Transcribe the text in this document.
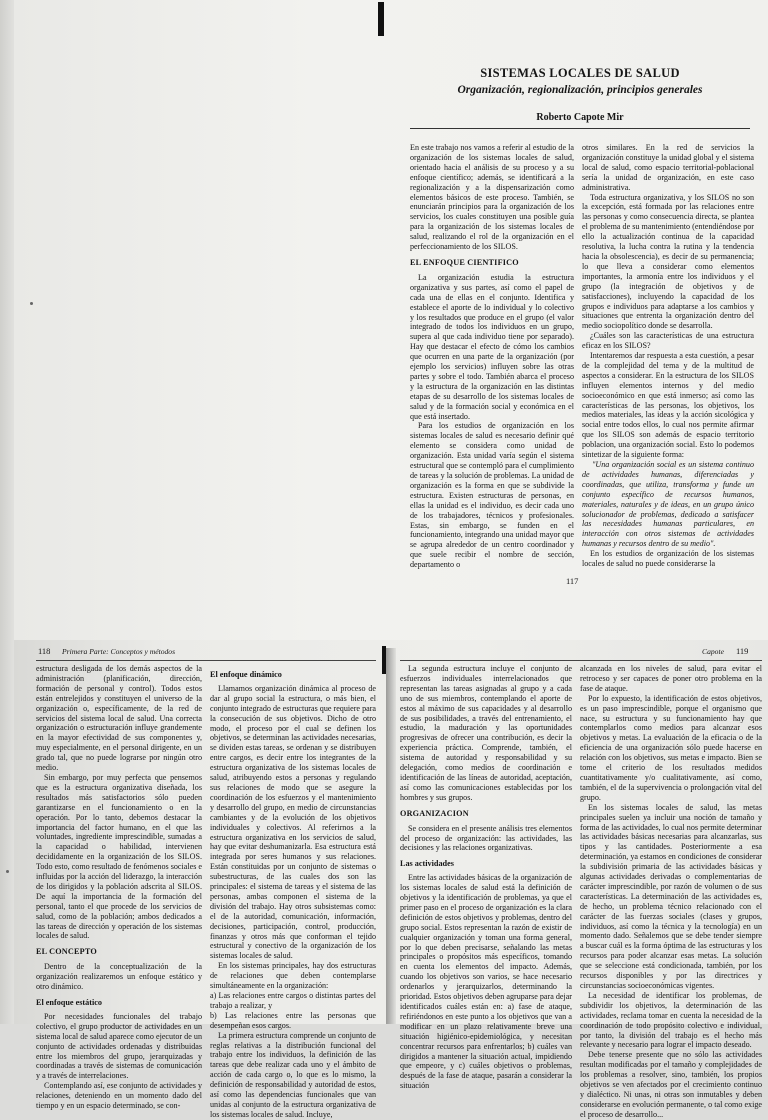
SISTEMAS LOCALES DE SALUD
Organización, regionalización, principios generales
Roberto Capote Mir

En este trabajo nos vamos a referir al estudio de la organización de los sistemas locales de salud, orientado hacia el análisis de su proceso y a su enfoque científico; además, se identificará a la regionalización y a la dispensarización como elementos básicos de este proceso. También, se enunciarán principios para la organización de los servicios, los cuales constituyen una posible guía para la organización de los sistemas locales de salud, realizando el rol de la organización en el perfeccionamiento de los SILOS.

EL ENFOQUE CIENTIFICO

La organización estudia la estructura organizativa y sus partes, así como el papel de cada una de ellas en el conjunto. Identifica y establece el aporte de lo individual y lo colectivo y los resultados que produce en el grupo (el valor integrado de todos los individuos en un grupo, supera al que cada individuo tiene por separado). Hay que destacar el efecto de cómo los cambios que ocurren en una parte de la organización (por ejemplo los servicios) influyen sobre las otras partes y sobre el todo. También abarca el proceso y la estructura de la organización en las distintas etapas de su desarrollo de los sistemas locales de salud y de la formación social y económica en el que está insertado.

Para los estudios de organización en los sistemas locales de salud es necesario definir qué elemento se considera como unidad de organización. Esta unidad varía según el sistema estructural que se contempló para el cumplimiento de tareas y la solución de problemas. La unidad de organización es la forma en que se subdivide la estructura. Existen estructuras de personas, en ellas la unidad es el individuo, es decir cada uno de los trabajadores, técnicos y profesionales. Estas, sin embargo, se funden en el funcionamiento, integrando una unidad mayor que se agrupa alrededor de un centro coordinador y que suele recibir el nombre de sección, departamento o

otros similares. En la red de servicios la organización constituye la unidad global y el sistema local de salud, como espacio territorial-poblacional sería la unidad de organización, en este caso administrativa.

Toda estructura organizativa, y los SILOS no son la excepción, está formada por las relaciones entre las personas y como consecuencia directa, se plantea el problema de su mantenimiento (entendiéndose por ello la actualización continua de la capacidad resolutiva, la lucha contra la rutina y la tendencia hacia la obsolescencia), es decir de su permanencia; lo que lleva a considerar como elementos importantes, la armonía entre los individuos y el grupo (la integración de objetivos y de satisfacciones), incluyendo la capacidad de los grupos e individuos para adaptarse a los cambios y situaciones que entrenta la organización dentro del medio sociopolítico donde se desarrolla.

¿Cuáles son las características de una estructura eficaz en los SILOS?

Intentaremos dar respuesta a esta cuestión, a pesar de la complejidad del tema y de la multitud de aspectos a considerar. En la estructura de los SILOS influyen elementos internos y del medio socioeconómico en que está inmerso; así como las características de las personas, los objetivos, los medios materiales, las ideas y la acción sicológica y social entre todos ellos, lo cual nos permite afirmar que los SILOS son además de espacio territorio poblacion, una organización social. Esto lo podemos sintetizar de la siguiente forma:

"Una organización social es un sistema continuo de actividades humanas, diferenciadas y coordinadas, que utiliza, transforma y funde un conjunto específico de recursos humanos, materiales, naturales y de ideas, en un grupo único solucionador de problemas, dedicado a satisfacer las necesidades humanas particulares, en interacción con otros sistemas de actividades humanas y recursos dentro de su medio".

En los estudios de organización de los sistemas locales de salud no puede considerarse la

117
118 Primera Parte: Conceptos y métodos

estructura desligada de los demás aspectos de la administración (planificación, dirección, formación de personal y control). Todos estos están entrelejidos y constituyen el universo de la organización o, específicamente, de la red de servicios del sistema local de salud. Una correcta organización o estructuración influye grandemente en la mayor efectividad de sus componentes y, muy especialmente, en el personal dirigente, en un grado tal, que no puede lograrse por ningún otro medio.

Sin embargo, por muy perfecta que pensemos que es la estructura organizativa diseñada, los resultados más satisfactorios sólo pueden garantizarse en el funcionamiento o en la operación. Por lo tanto, debemos destacar la importancia del factor humano, en el que las voluntades, ingrediente imprescindible, sumadas a la capacidad o habilidad, intervienen decididamente en la organización de los SILOS. Todo esto, como resultado de fenómenos sociales e influidas por la acción del liderazgo, la interacción de los dirigidos y la población adscrita al SILOS. De aquí la importancia de la formación del personal, tanto el que procede de los servicios de salud, como de la población; ambos dedicados a las tareas de dirección y operación de los sistemas locales de salud.

EL CONCEPTO

Dentro de la conceptualización de la organización realizaremos un enfoque estático y otro dinámico.

El enfoque estático

Por necesidades funcionales del trabajo colectivo, el grupo productor de actividades en un sistema local de salud aparece como ejecutor de un conjunto de actividades ordenadas y distribuidas entre los miembros del grupo, jerarquizadas y coordinadas a través de sistemas de comunicación y a través de interrelaciones.

Contemplando así, ese conjunto de actividades y relaciones, deteniendo en un momento dado del tiempo y en un espacio determinado, se con-

El enfoque dinámico

Llamamos organización dinámica al proceso de dar al grupo social la estructura, o más bien, el conjunto integrado de estructuras que requiere para la consecución de sus objetivos. Dicho de otro modo, el proceso por el cual se definen los objetivos, se determinan las actividades necesarias, se dividen estas tareas, se ordenan y se distribuyen entre cargos, es decir entre los integrantes de la estructura organizativa de los sistemas locales de salud, atribuyendo estos a personas y regulando sus relaciones de modo que se asegure la coordinación de los esfuerzos y el mantenimiento y desarrollo del grupo, en medio de circunstancias cambiantes y de la evolución de los objetivos individuales y colectivos. Al referirnos a la estructura organizativa en los servicios de salud, hay que evitar deshumanizarla. Esa estructura está integrada por seres humanos y sus relaciones. Están constituidas por un conjunto de sistemas o subestructuras, de las cuales dos son las principales: el sistema de tareas y el sistema de las personas, ambas componen el sistema de la división del trabajo. Hay otros subsistemas como: el de la autoridad, comunicación, información, decisiones, participación, control, producción, finanzas y otros más que conforman el tejido estructural y conectivo de la organización de los sistemas locales de salud.

En los sistemas principales, hay dos estructuras de relaciones que deben contemplarse simultáneamente en la organización:

a) Las relaciones entre cargos o distintas partes del trabajo a realizar, y

b) Las relaciones entre las personas que desempeñan esos cargos.

La primera estructura comprende un conjunto de reglas relativas a la distribución funcional del trabajo entre los individuos, la definición de las tareas que debe realizar cada uno y el ámbito de acción de cada cargo o, lo que es lo mismo, la definición de responsabilidad y autoridad de estos, así como las dependencias funcionales que van unidas al conjunto de la estructura organizativa de los sistemas locales de salud. Incluye,

Capote 119

La segunda estructura incluye el conjunto de esfuerzos individuales interrelacionados que representan las tareas asignadas al grupo y a cada uno de sus miembros, contemplando el aporte de estos al máximo de sus capacidades y al desarrollo de sus posibilidades, a través del entrenamiento, el estudio, la maduración y las oportunidades progresivas de ofrecer una contribución, es decir la experiencia práctica. Comprende, también, el sistema de autoridad y responsabilidad y su delegación, como medios de coordinación e identificación de las líneas de autoridad, aceptación, así como las comunicaciones establecidas por los hombres y sus grupos.

ORGANIZACION

Se considera en el presente análisis tres elementos del proceso de organización: las actividades, las decisiones y las relaciones organizativas.

Las actividades

Entre las actividades básicas de la organización de los sistemas locales de salud está la definición de objetivos y la identificación de problemas, ya que el primer paso en el proceso de organización es la clara definición de estos objetivos y problemas, dentro del grupo social. Estos representan la razón de existir de cualquier organización y toman una forma general, por lo que deben precisarse, señalando las metas principales o propósitos más específicos, tomando en cuenta los elementos del impacto. Además, cuando los objetivos son varios, se hace necesario ordenarlos y jerarquizarlos, determinando la prioridad. Estos objetivos deben agruparse para dejar identificados cuáles están en: a) fase de ataque, refiriéndonos en este punto a los objetivos que van a modificar en un plazo relativamente breve una situación higiénico-epidemiológica, y necesitan concentrar recursos para enfrentarlos; b) cuáles van dirigidos a mantener la situación actual, impidiendo que empeore, y c) cuáles objetivos o problemas, después de la fase de ataque, pasarán a considerar la situación

alcanzada en los niveles de salud, para evitar el retroceso y ser capaces de poner otro problema en la fase de ataque.

Por lo expuesto, la identificación de estos objetivos, es un paso imprescindible, porque el organismo que nace, su estructura y su funcionamiento hay que contemplarlos como medios para alcanzar esos objetivos y metas. La evaluación de la eficacia o de la eficiencia de una organización sólo puede hacerse en relación con los objetivos, sus metas e impacto. Bien se tome el criterio de los resultados medidos cuantitativamente y/o cualitativamente, así como, también, el de la supervivencia o prolongación vital del grupo.

En los sistemas locales de salud, las metas principales suelen ya incluir una noción de tamaño y forma de las actividades, lo cual nos permite determinar las actividades básicas necesarias para alcanzarlas, sus tipos y las cantidades. Posteriormente a esa determinación, ya estamos en condiciones de considerar la subdivisión primaria de las actividades básicas y algunas actividades derivadas o complementarias de carácter imprescindible, por razón de volumen o de sus características. La determinación de las actividades es, de hecho, un problema técnico relacionado con el carácter de las fuerzas sociales (clases y grupos, individuos, así como la técnica y la tecnología) en un momento dado. Señalemos que se debe tender siempre a buscar cuál es la forma óptima de las estructuras y los recursos para poder alcanzar esas metas. La solución que se seleccione está condicionada, también, por los recursos disponibles y por las directrices y circunstancias socioeconómicas vigentes.

La necesidad de identificar los problemas, de subdividir los objetivos, la determinación de las actividades, reclama tomar en cuenta la necesidad de la coordinación de todo propósito colectivo e individual, por tanto, la división del trabajo es el hecho más relevante y necesario para lograr el impacto deseado.

Debe tenerse presente que no sólo las actividades resultan modificadas por el tamaño y complejidades de los problemas a resolver, sino, también, los propios objetivos se ven afectados por el crecimiento continuo y dialéctico. Ni unas, ni otras son inmutables y deben considerarse en evolución permanente, o tal como exige el proceso de desarrollo...
